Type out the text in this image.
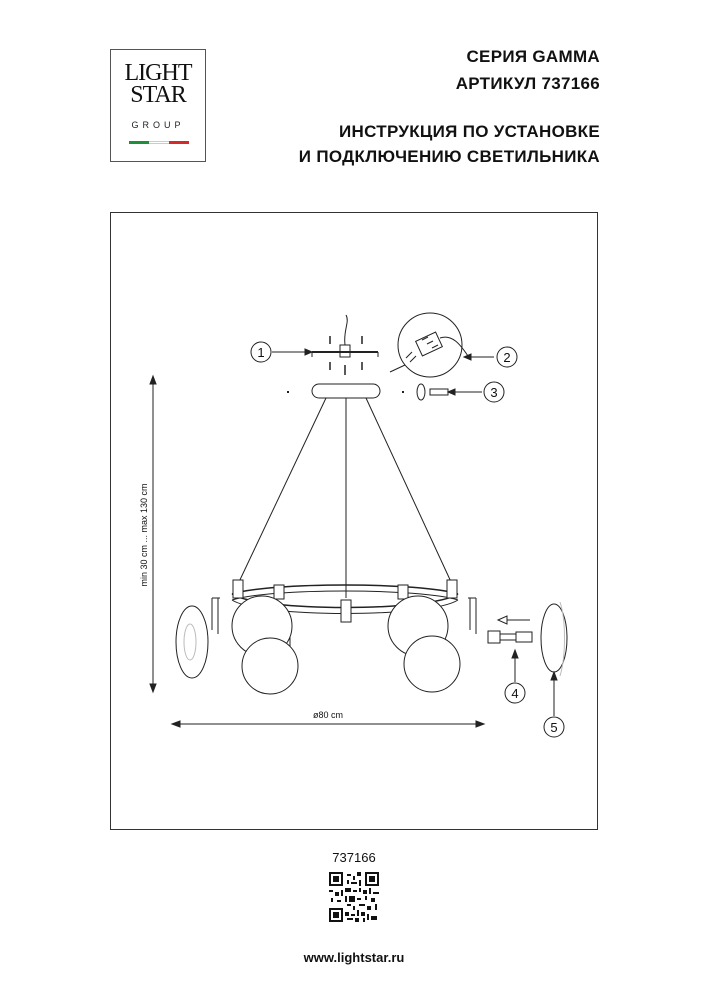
LIGHT
STAR
GROUP
СЕРИЯ GAMMA
АРТИКУЛ 737166
ИНСТРУКЦИЯ ПО УСТАНОВКЕ
И ПОДКЛЮЧЕНИЮ СВЕТИЛЬНИКА
1	2
3
4
5
min 30 cm ... max 130 cm
ø80 cm
737166
www.lightstar.ru
